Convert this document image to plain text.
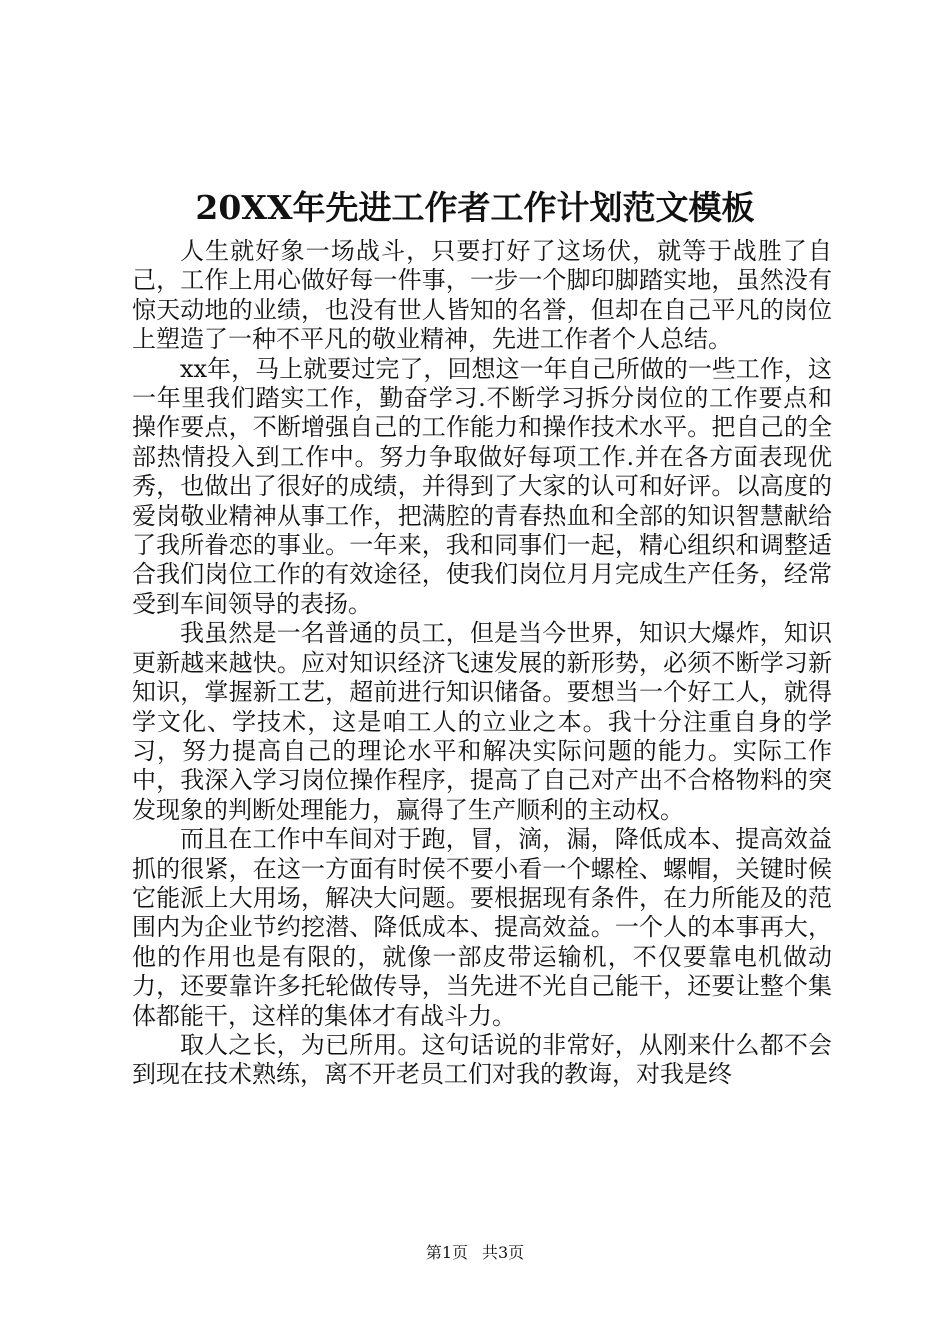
20XX年先进工作者工作计划范文模板

人生就好象一场战斗，只要打好了这场伏，就等于战胜了自己，工作上用心做好每一件事，一步一个脚印脚踏实地，虽然没有惊天动地的业绩，也没有世人皆知的名誉，但却在自己平凡的岗位上塑造了一种不平凡的敬业精神，先进工作者个人总结。

xx年，马上就要过完了，回想这一年自己所做的一些工作，这一年里我们踏实工作，勤奋学习.不断学习拆分岗位的工作要点和操作要点，不断增强自己的工作能力和操作技术水平。把自己的全部热情投入到工作中。努力争取做好每项工作.并在各方面表现优秀，也做出了很好的成绩，并得到了大家的认可和好评。以高度的爱岗敬业精神从事工作，把满腔的青春热血和全部的知识智慧献给了我所眷恋的事业。一年来，我和同事们一起，精心组织和调整适合我们岗位工作的有效途径，使我们岗位月月完成生产任务，经常受到车间领导的表扬。

我虽然是一名普通的员工，但是当今世界，知识大爆炸，知识更新越来越快。应对知识经济飞速发展的新形势，必须不断学习新知识，掌握新工艺，超前进行知识储备。要想当一个好工人，就得学文化、学技术，这是咱工人的立业之本。我十分注重自身的学习，努力提高自己的理论水平和解决实际问题的能力。实际工作中，我深入学习岗位操作程序，提高了自己对产出不合格物料的突发现象的判断处理能力，赢得了生产顺利的主动权。

而且在工作中车间对于跑，冒，滴，漏，降低成本、提高效益抓的很紧，在这一方面有时侯不要小看一个螺栓、螺帽，关键时候它能派上大用场，解决大问题。要根据现有条件，在力所能及的范围内为企业节约挖潜、降低成本、提高效益。一个人的本事再大，他的作用也是有限的，就像一部皮带运输机，不仅要靠电机做动力，还要靠许多托轮做传导，当先进不光自己能干，还要让整个集体都能干，这样的集体才有战斗力。

取人之长，为已所用。这句话说的非常好，从刚来什么都不会到现在技术熟练，离不开老员工们对我的教诲，对我是终

第1页 共3页
